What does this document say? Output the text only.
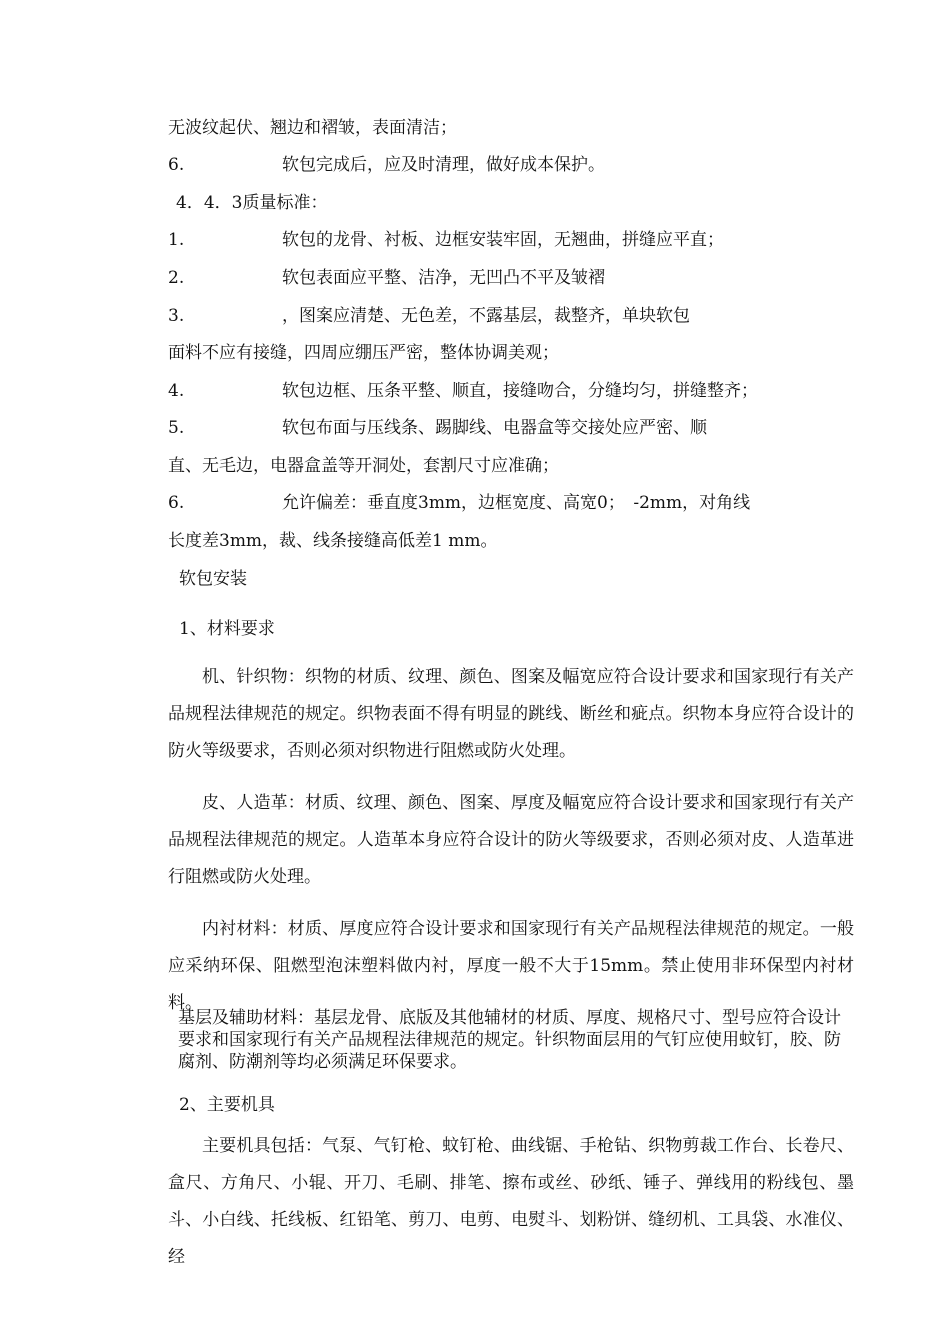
无波纹起伏、翘边和褶皱，表面清洁；
6.	软包完成后，应及时清理，做好成本保护。
4．4．3质量标准：
1.	软包的龙骨、衬板、边框安装牢固，无翘曲，拼缝应平直；
2.	软包表面应平整、洁净，无凹凸不平及皱褶
3.	，图案应清楚、无色差，不露基层，裁整齐，单块软包
面料不应有接缝，四周应绷压严密，整体协调美观；
4.	软包边框、压条平整、顺直，接缝吻合，分缝均匀，拼缝整齐；
5.	软包布面与压线条、踢脚线、电器盒等交接处应严密、顺
直、无毛边，电器盒盖等开洞处，套割尺寸应准确；
6.	允许偏差：垂直度3mm，边框宽度、高宽0；　-2mm，对角线
长度差3mm，裁、线条接缝高低差1 mm。
软包安装
1、材料要求
机、针织物：织物的材质、纹理、颜色、图案及幅宽应符合设计要求和国家现行有关产品规程法律规范的规定。织物表面不得有明显的跳线、断丝和疵点。织物本身应符合设计的防火等级要求，否则必须对织物进行阻燃或防火处理。
皮、人造革：材质、纹理、颜色、图案、厚度及幅宽应符合设计要求和国家现行有关产品规程法律规范的规定。人造革本身应符合设计的防火等级要求，否则必须对皮、人造革进行阻燃或防火处理。
内衬材料：材质、厚度应符合设计要求和国家现行有关产品规程法律规范的规定。一般应采纳环保、阻燃型泡沫塑料做内衬，厚度一般不大于15mm。禁止使用非环保型内衬材料。
基层及辅助材料：基层龙骨、底版及其他辅材的材质、厚度、规格尺寸、型号应符合设计要求和国家现行有关产品规程法律规范的规定。针织物面层用的气钉应使用蚊钉，胶、防腐剂、防潮剂等均必须满足环保要求。
2、主要机具
主要机具包括：气泵、气钉枪、蚊钉枪、曲线锯、手枪钻、织物剪裁工作台、长卷尺、盒尺、方角尺、小辊、开刀、毛刷、排笔、擦布或丝、砂纸、锤子、弹线用的粉线包、墨斗、小白线、托线板、红铅笔、剪刀、电剪、电熨斗、划粉饼、缝纫机、工具袋、水准仪、经
